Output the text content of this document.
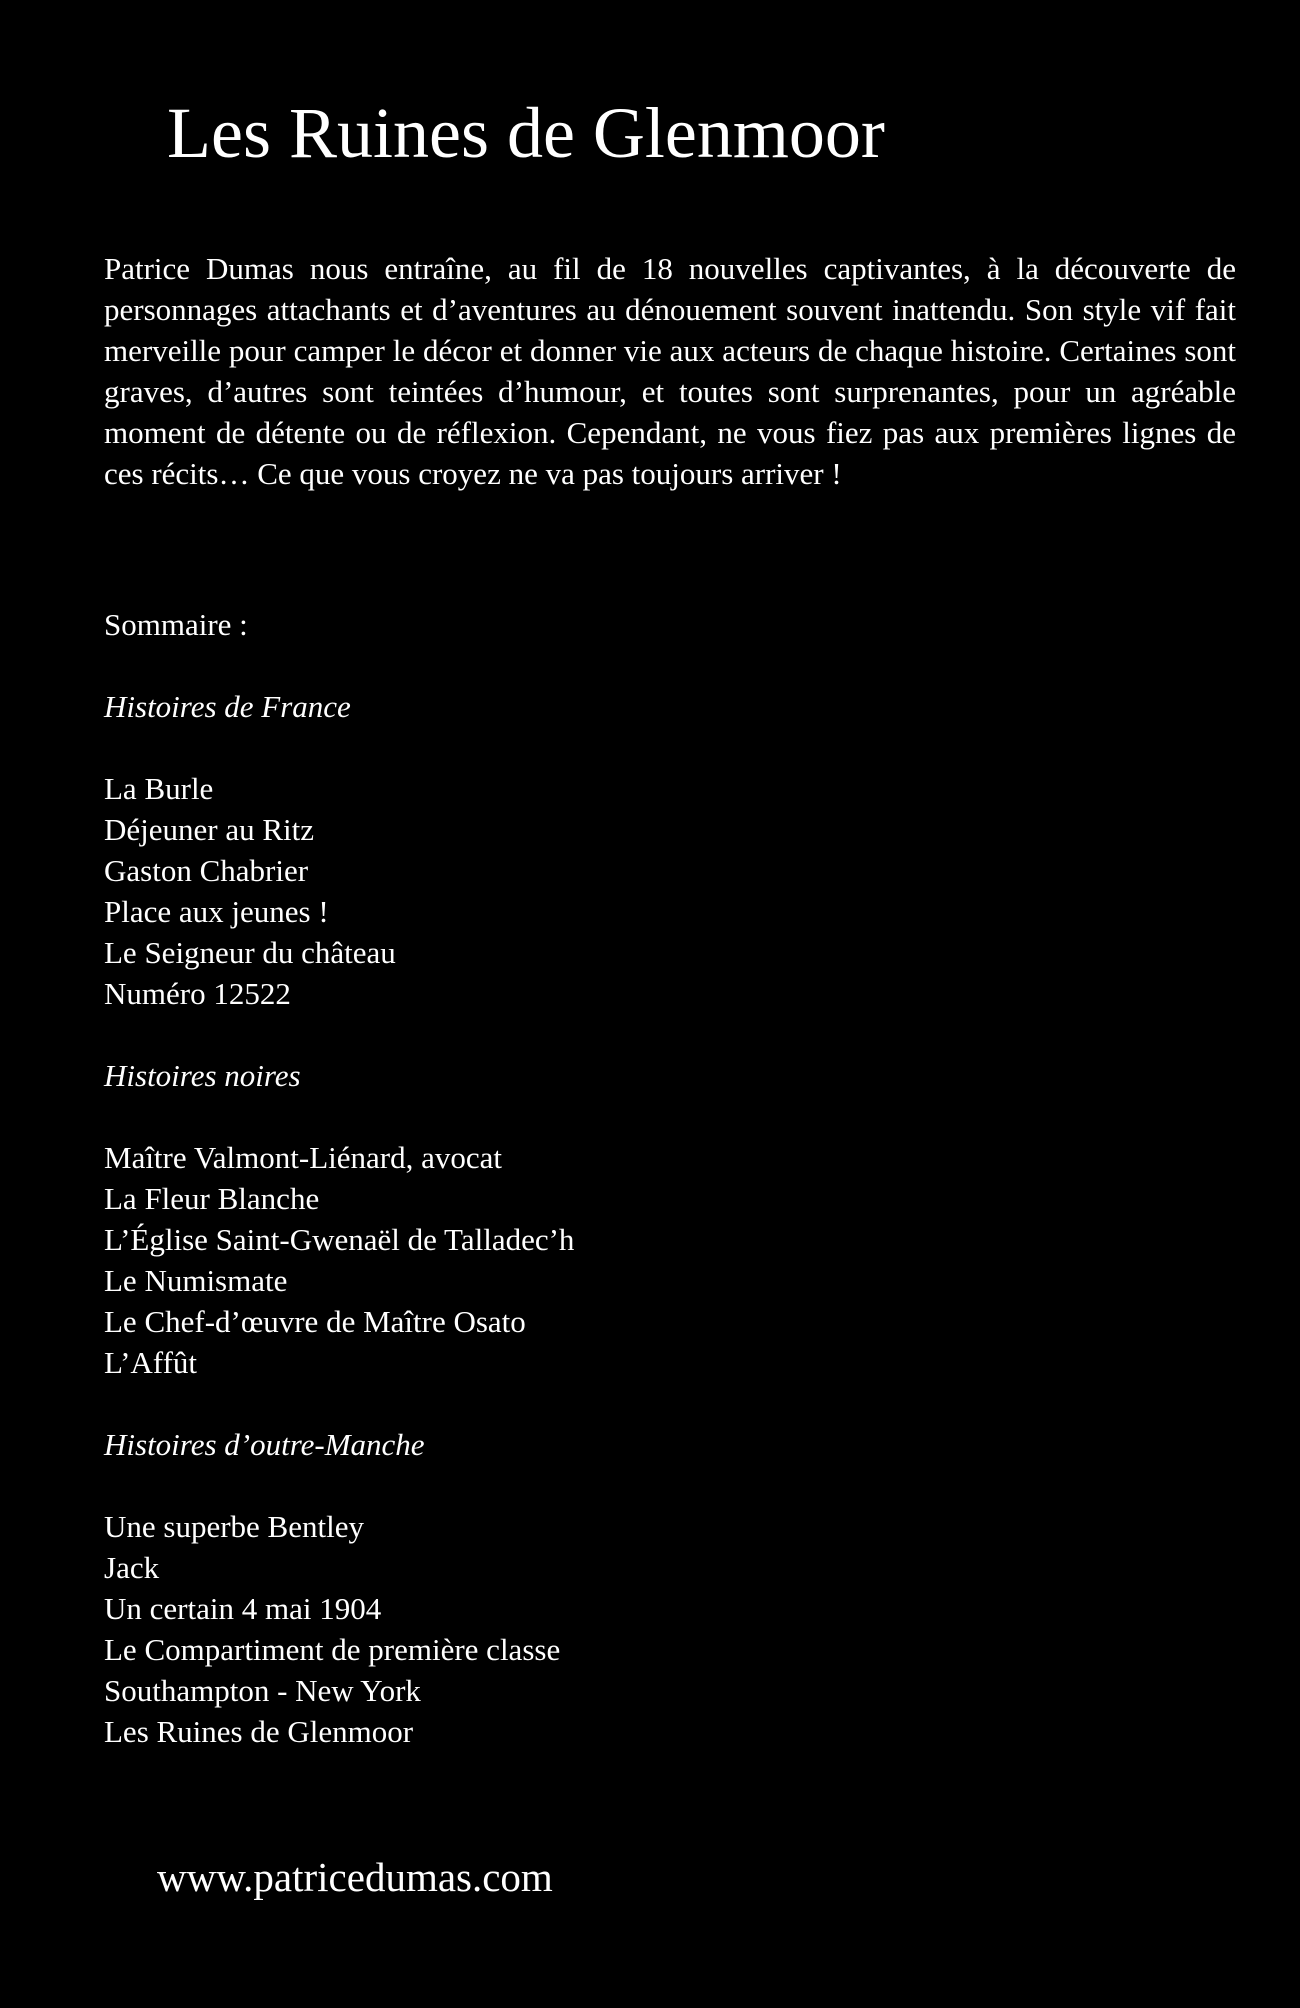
Les Ruines de Glenmoor

Patrice Dumas nous entraîne, au fil de 18 nouvelles captivantes, à la découverte de personnages attachants et d’aventures au dénouement souvent inattendu. Son style vif fait merveille pour camper le décor et donner vie aux acteurs de chaque histoire. Certaines sont graves, d’autres sont teintées d’humour, et toutes sont surprenantes, pour un agréable moment de détente ou de réflexion. Cependant, ne vous fiez pas aux premières lignes de ces récits… Ce que vous croyez ne va pas toujours arriver !

Sommaire :

Histoires de France

La Burle
Déjeuner au Ritz
Gaston Chabrier
Place aux jeunes !
Le Seigneur du château
Numéro 12522

Histoires noires

Maître Valmont-Liénard, avocat
La Fleur Blanche
L’Église Saint-Gwenaël de Talladec’h
Le Numismate
Le Chef-d’œuvre de Maître Osato
L’Affût

Histoires d’outre-Manche

Une superbe Bentley
Jack
Un certain 4 mai 1904
Le Compartiment de première classe
Southampton - New York
Les Ruines de Glenmoor
www.patricedumas.com
